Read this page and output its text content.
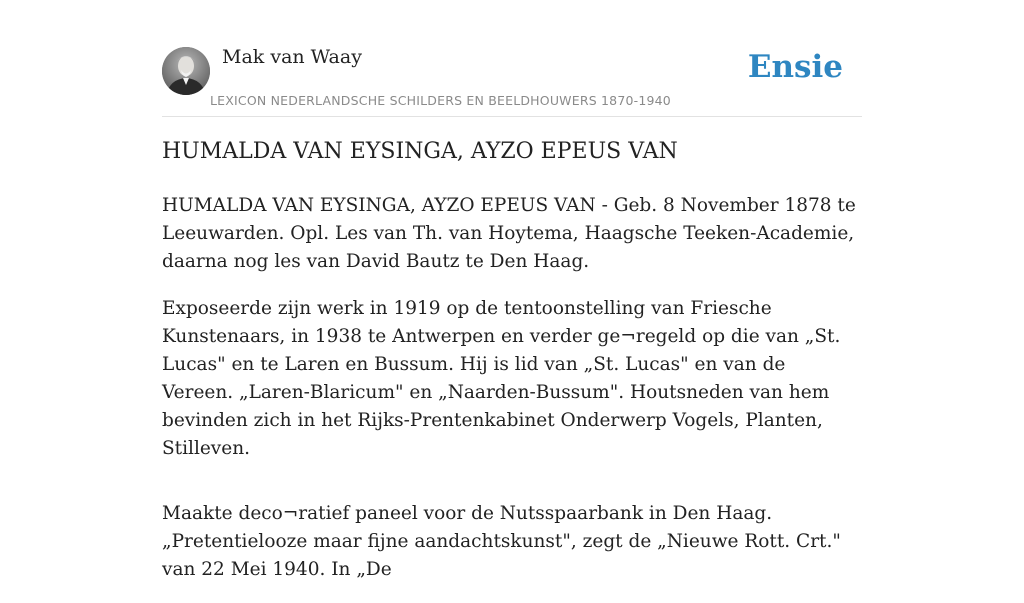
Mak van Waay
LEXICON NEDERLANDSCHE SCHILDERS EN BEELDHOUWERS 1870-1940
Ensie
HUMALDA VAN EYSINGA, AYZO EPEUS VAN

HUMALDA VAN EYSINGA, AYZO EPEUS VAN - Geb. 8 November 1878 te Leeuwarden. Opl. Les van Th. van Hoytema, Haagsche Teeken-Academie, daarna nog les van David Bautz te Den Haag.

Exposeerde zijn werk in 1919 op de tentoonstelling van Friesche Kunstenaars, in 1938 te Antwerpen en verder ge¬regeld op die van „St. Lucas" en te Laren en Bussum. Hij is lid van „St. Lucas" en van de Vereen. „Laren-Blaricum" en „Naarden-Bussum". Houtsneden van hem bevinden zich in het Rijks-Prentenkabinet Onderwerp Vogels, Planten, Stilleven.

Maakte deco¬ratief paneel voor de Nutsspaarbank in Den Haag. „Pretentielooze maar fijne aandachtskunst", zegt de „Nieuwe Rott. Crt." van 22 Mei 1940. In „De
